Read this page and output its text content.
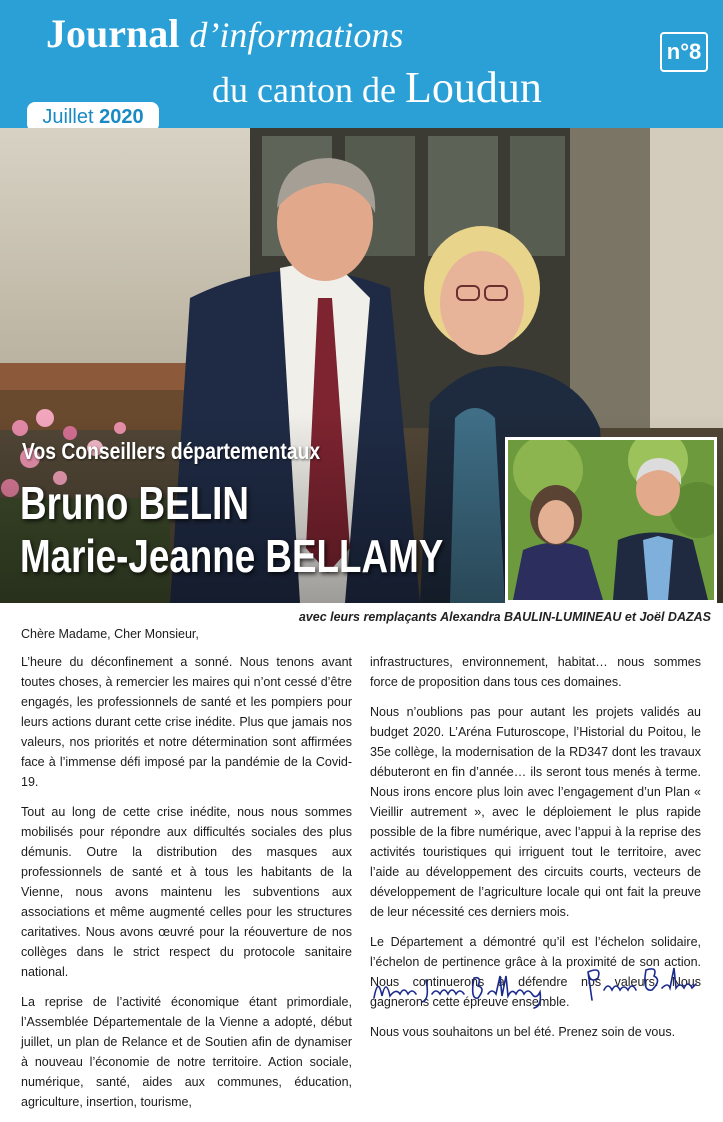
Journal d’informations
du canton de Loudun
n°8
Juillet 2020
Vos Conseillers départementaux
Bruno BELIN
Marie-Jeanne BELLAMY
avec leurs remplaçants Alexandra BAULIN-LUMINEAU et Joël DAZAS
Chère Madame, Cher Monsieur,

L’heure du déconfinement a sonné. Nous tenons avant toutes choses, à remercier les maires qui n’ont cessé d’être engagés, les professionnels de santé et les pompiers pour leurs actions durant cette crise inédite. Plus que jamais nos valeurs, nos priorités et notre détermination sont affirmées face à l’immense défi imposé par la pandémie de la Covid-19.

Tout au long de cette crise inédite, nous nous sommes mobilisés pour répondre aux difficultés sociales des plus démunis. Outre la distribution des masques aux professionnels de santé et à tous les habitants de la Vienne, nous avons maintenu les subventions aux associations et même augmenté celles pour les structures caritatives. Nous avons œuvré pour la réouverture de nos collèges dans le strict respect du protocole sanitaire national.

La reprise de l’activité économique étant primordiale, l’Assemblée Départementale de la Vienne a adopté, début juillet, un plan de Relance et de Soutien afin de dynamiser à nouveau l’économie de notre territoire. Action sociale, numérique, santé, aides aux communes, éducation, agriculture, insertion, tourisme,

infrastructures, environnement, habitat… nous sommes force de proposition dans tous ces domaines.

Nous n’oublions pas pour autant les projets validés au budget 2020. L’Aréna Futuroscope, l’Historial du Poitou, le 35e collège, la modernisation de la RD347 dont les travaux débuteront en fin d’année… ils seront tous menés à terme. Nous irons encore plus loin avec l’engagement d’un Plan « Vieillir autrement », avec le déploiement le plus rapide possible de la fibre numérique, avec l’appui à la reprise des activités touristiques qui irriguent tout le territoire, avec l’aide au développement des circuits courts, vecteurs de développement de l’agriculture locale qui ont fait la preuve de leur nécessité ces derniers mois.

Le Département a démontré qu’il est l’échelon solidaire, l’échelon de pertinence grâce à la proximité de son action. Nous continuerons à défendre nos valeurs. Nous gagnerons cette épreuve ensemble.

Nous vous souhaitons un bel été. Prenez soin de vous.
